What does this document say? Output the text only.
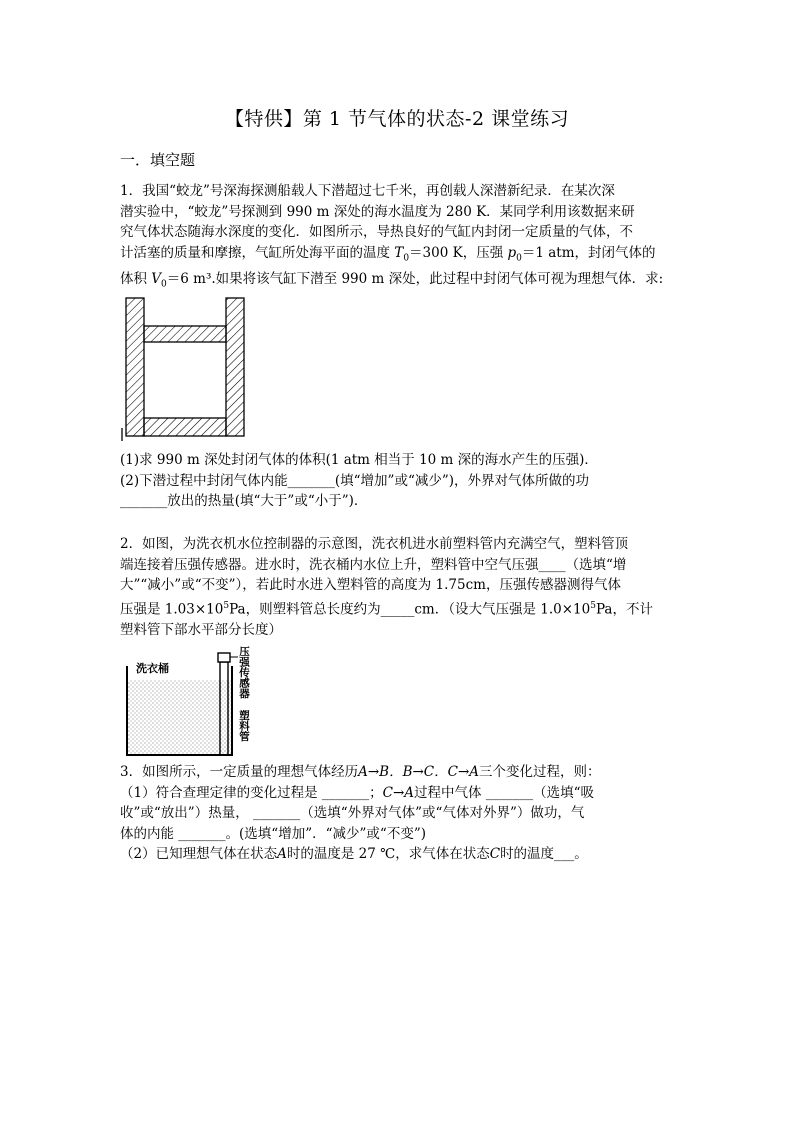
【特供】第 1 节气体的状态-2 课堂练习
一．填空题

1．我国“蛟龙”号深海探测船载人下潜超过七千米，再创载人深潜新纪录．在某次深

潜实验中，“蛟龙”号探测到 990 m 深处的海水温度为 280 K．某同学利用该数据来研

究气体状态随海水深度的变化．如图所示，导热良好的气缸内封闭一定质量的气体，不

计活塞的质量和摩擦，气缸所处海平面的温度 $T_0=300$ K，压强 $p_0=1$ atm，封闭气体的

体积 $V_0=6$ m³.如果将该气缸下潜至 990 m 深处，此过程中封闭气体可视为理想气体．求:

(1)求 990 m 深处封闭气体的体积(1 atm 相当于 10 m 深的海水产生的压强)．

(2)下潜过程中封闭气体内能_______(填“增加”或“减少”)，外界对气体所做的功

_______放出的热量(填“大于”或“小于”)．

2．如图，为洗衣机水位控制器的示意图，洗衣机进水前塑料管内充满空气，塑料管顶

端连接着压强传感器。进水时，洗衣桶内水位上升，塑料管中空气压强____（选填“增

大”“减小”或“不变”），若此时水进入塑料管的高度为 1.75cm，压强传感器测得气体

压强是 $1.03\times 10^5Pa$，则塑料管总长度约为_____cm．（设大气压强是 $1.0\times 10^5Pa$，不计

塑料管下部水平部分长度）

洗衣桶	压强传感器
塑料管

3．如图所示，一定质量的理想气体经历A→B．B→C．C→A三个变化过程，则：

（1）符合查理定律的变化过程是 _______；C→A过程中气体 _______（选填“吸

收”或“放出”）热量， _______（选填“外界对气体”或“气体对外界”）做功，气

体的内能 _______。(选填“增加”．“减少”或“不变”)

（2）已知理想气体在状态A时的温度是 27 ℃，求气体在状态C时的温度___。
